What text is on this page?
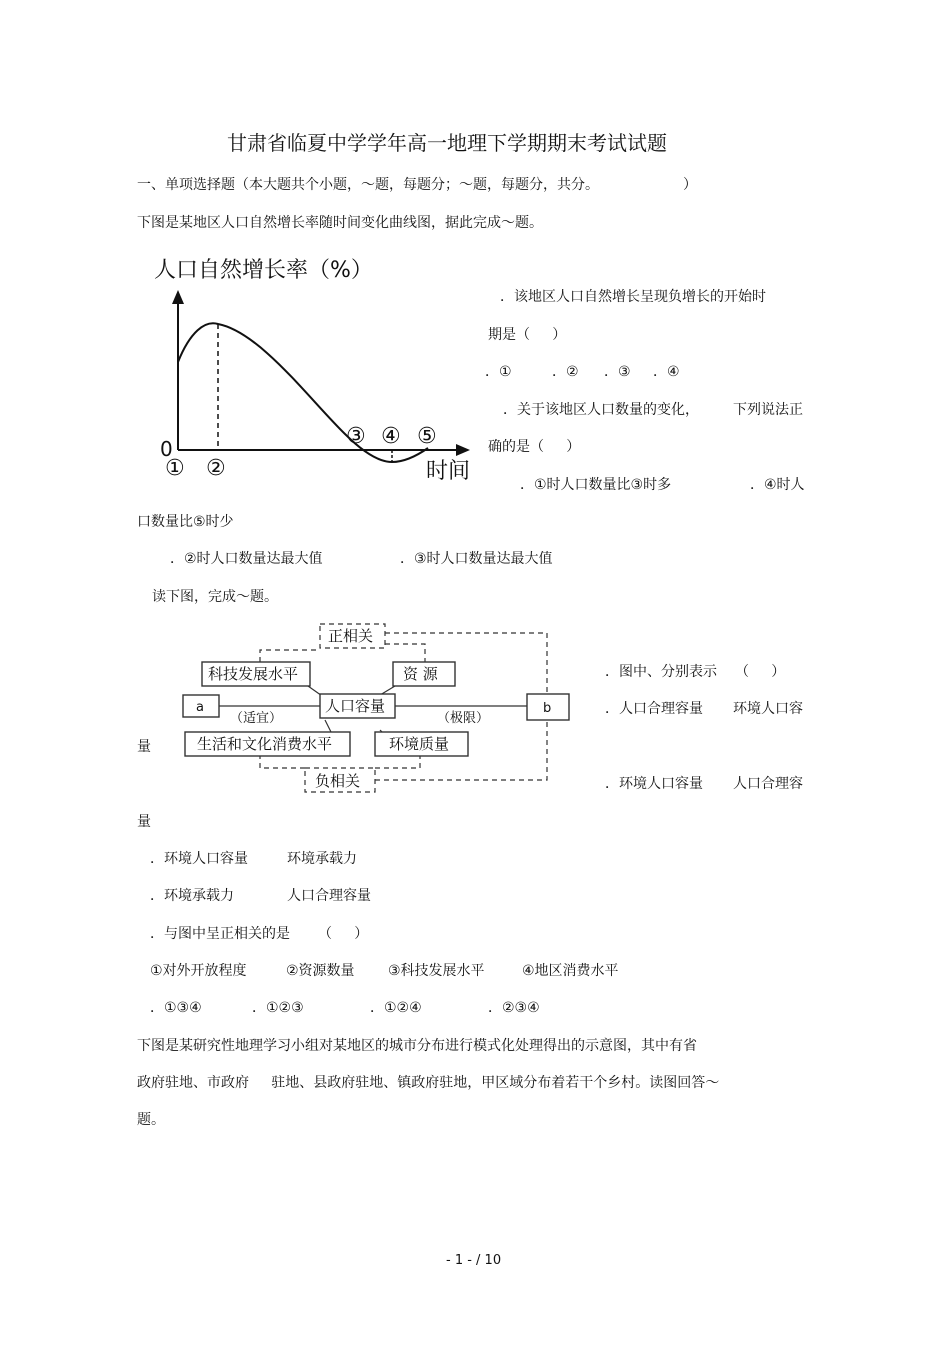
甘肃省临夏中学学年高一地理下学期期末考试试题
一、单项选择题（本大题共个小题，～题，每题分；～题，每题分，共分。	）
下图是某地区人口自然增长率随时间变化曲线图，据此完成～题。
人口自然增长率（%）
0
时间
① ②
③ ④ ⑤
．该地区人口自然增长呈现负增长的开始时
期是（     ）
．①	．② ．③ ．④
．关于该地区人口数量的变化， 下列说法正
确的是（     ）
．①时人口数量比③时多	．④时人
口数量比⑤时少
．②时人口数量达最大值	．③时人口数量达最大值
读下图，完成～题。
正相关
负相关
科技发展水平	资 源
人口容量
a	b
生活和文化消费水平	环境质量
（适宜）	（极限）
．图中、分别表示 （     ）
．人口合理容量 环境人口容
量
．环境人口容量 人口合理容
量
．环境人口容量	环境承载力
．环境承载力	人口合理容量
．与图中呈正相关的是 （     ）
①对外开放程度	②资源数量 ③科技发展水平	④地区消费水平
．①③④	．①②③	．①②④	．②③④
下图是某研究性地理学习小组对某地区的城市分布进行模式化处理得出的示意图，其中有省
政府驻地、市政府     驻地、县政府驻地、镇政府驻地，甲区域分布着若干个乡村。读图回答～
题。
- 1 - / 10
